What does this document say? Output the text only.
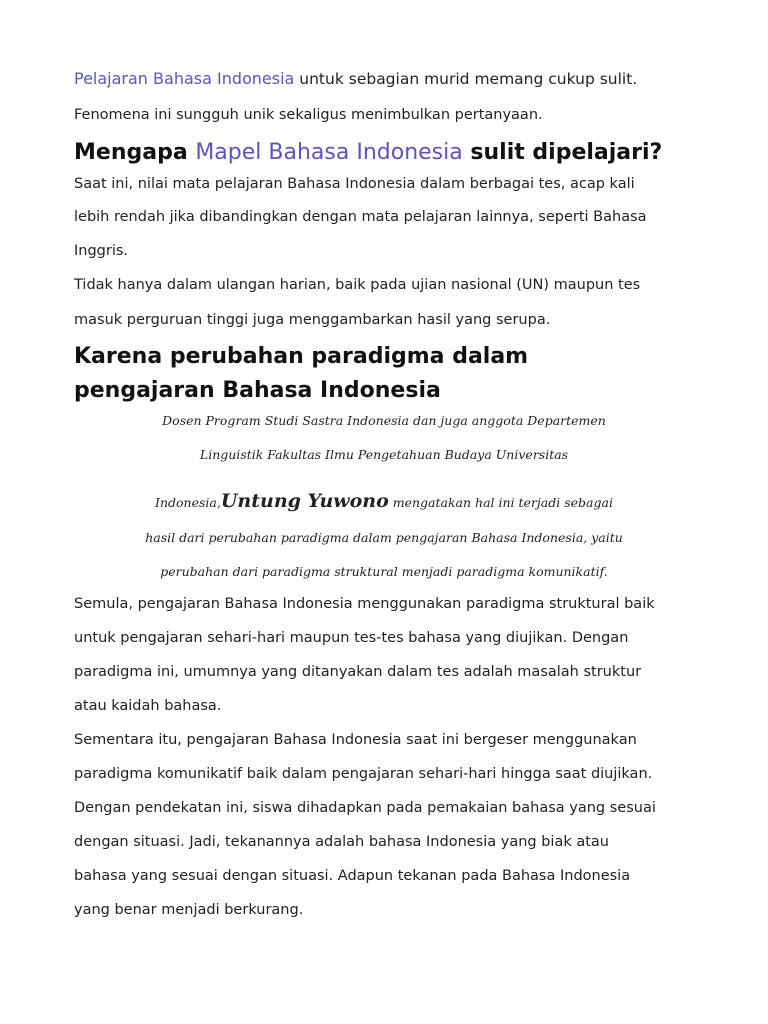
Pelajaran Bahasa Indonesia untuk sebagian murid memang cukup sulit.
Fenomena ini sungguh unik sekaligus menimbulkan pertanyaan.
Mengapa Mapel Bahasa Indonesia sulit dipelajari?
Saat ini, nilai mata pelajaran Bahasa Indonesia dalam berbagai tes, acap kali
lebih rendah jika dibandingkan dengan mata pelajaran lainnya, seperti Bahasa
Inggris.
Tidak hanya dalam ulangan harian, baik pada ujian nasional (UN) maupun tes
masuk perguruan tinggi juga menggambarkan hasil yang serupa.
Karena perubahan paradigma dalam
pengajaran Bahasa Indonesia
Dosen Program Studi Sastra Indonesia dan juga anggota Departemen
Linguistik Fakultas Ilmu Pengetahuan Budaya Universitas
Indonesia,Untung Yuwono mengatakan hal ini terjadi sebagai
hasil dari perubahan paradigma dalam pengajaran Bahasa Indonesia, yaitu
perubahan dari paradigma struktural menjadi paradigma komunikatif.
Semula, pengajaran Bahasa Indonesia menggunakan paradigma struktural baik
untuk pengajaran sehari-hari maupun tes-tes bahasa yang diujikan. Dengan
paradigma ini, umumnya yang ditanyakan dalam tes adalah masalah struktur
atau kaidah bahasa.
Sementara itu, pengajaran Bahasa Indonesia saat ini bergeser menggunakan
paradigma komunikatif baik dalam pengajaran sehari-hari hingga saat diujikan.
Dengan pendekatan ini, siswa dihadapkan pada pemakaian bahasa yang sesuai
dengan situasi. Jadi, tekanannya adalah bahasa Indonesia yang biak atau
bahasa yang sesuai dengan situasi. Adapun tekanan pada Bahasa Indonesia
yang benar menjadi berkurang.
